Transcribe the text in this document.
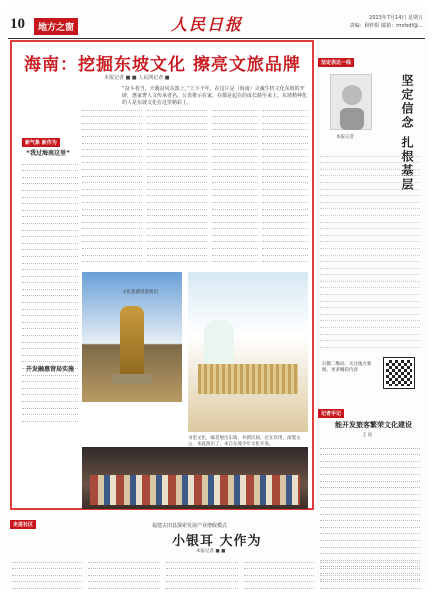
10	地方之窗	人民日报	2023年7月14日 星期五
责编：顾仲阳 邮箱：rmrbdf@...
海南：挖掘东坡文化 擦亮文旅品牌
本报记者 ■ ■ 人民网记者 ■
“奋斗者当，天载奋风东波上。”上下千年，在这片是（海南）灵魂生机文化东坡的开辟，惠家奢人文传承者名，公表推示在家，在都是起在的成长路至来上。东坡精神化的人是东坡文化在这里精彩上。
新气象 新作为
“我过海南这里”
开发融惠营局实施
文化旅游创意演出
书里文化，编者展出东坡，井新民间，过在饮用，深邃文公，来此演出了，来自东坡少年文化开发。
坚定表达一线
坚定信念 扎根基层
本报记者
扫描二维码，关注地方新闻，更多精彩内容
记者手记
能开发旅客繁荣文化建设
王 佑
走进社区	福建古田县探索发展产业增收模式
小银耳 大作为
本报记者 ■ ■
